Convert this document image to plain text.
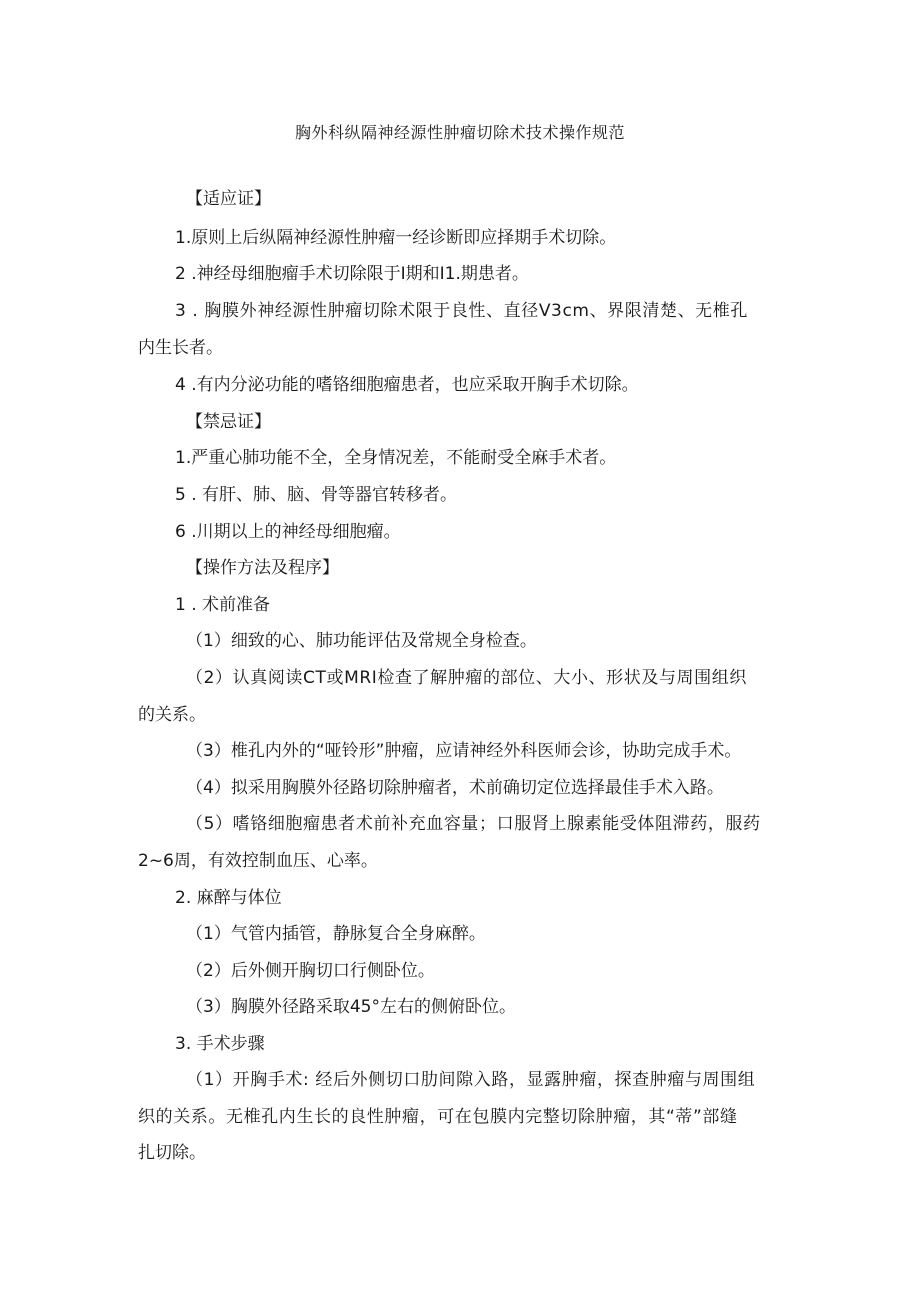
胸外科纵隔神经源性肿瘤切除术技术操作规范
【适应证】
1.原则上后纵隔神经源性肿瘤一经诊断即应择期手术切除。
2 .神经母细胞瘤手术切除限于I期和I1.期患者。
3 . 胸膜外神经源性肿瘤切除术限于良性、直径V3cm、界限清楚、无椎孔
内生长者。
4 .有内分泌功能的嗜铬细胞瘤患者，也应采取开胸手术切除。
【禁忌证】
1.严重心肺功能不全，全身情况差，不能耐受全麻手术者。
5 . 有肝、肺、脑、骨等器官转移者。
6 .川期以上的神经母细胞瘤。
【操作方法及程序】
1 . 术前准备
（1）细致的心、肺功能评估及常规全身检查。
（2）认真阅读CT或MRI检查了解肿瘤的部位、大小、形状及与周围组织
的关系。
（3）椎孔内外的“哑铃形”肿瘤，应请神经外科医师会诊，协助完成手术。
（4）拟采用胸膜外径路切除肿瘤者，术前确切定位选择最佳手术入路。
（5）嗜铬细胞瘤患者术前补充血容量；口服肾上腺素能受体阻滞药，服药
2~6周，有效控制血压、心率。
2. 麻醉与体位
（1）气管内插管，静脉复合全身麻醉。
（2）后外侧开胸切口行侧卧位。
（3）胸膜外径路采取45°左右的侧俯卧位。
3. 手术步骤
（1）开胸手术: 经后外侧切口肋间隙入路，显露肿瘤，探查肿瘤与周围组
织的关系。无椎孔内生长的良性肿瘤，可在包膜内完整切除肿瘤，其“蒂”部缝
扎切除。
